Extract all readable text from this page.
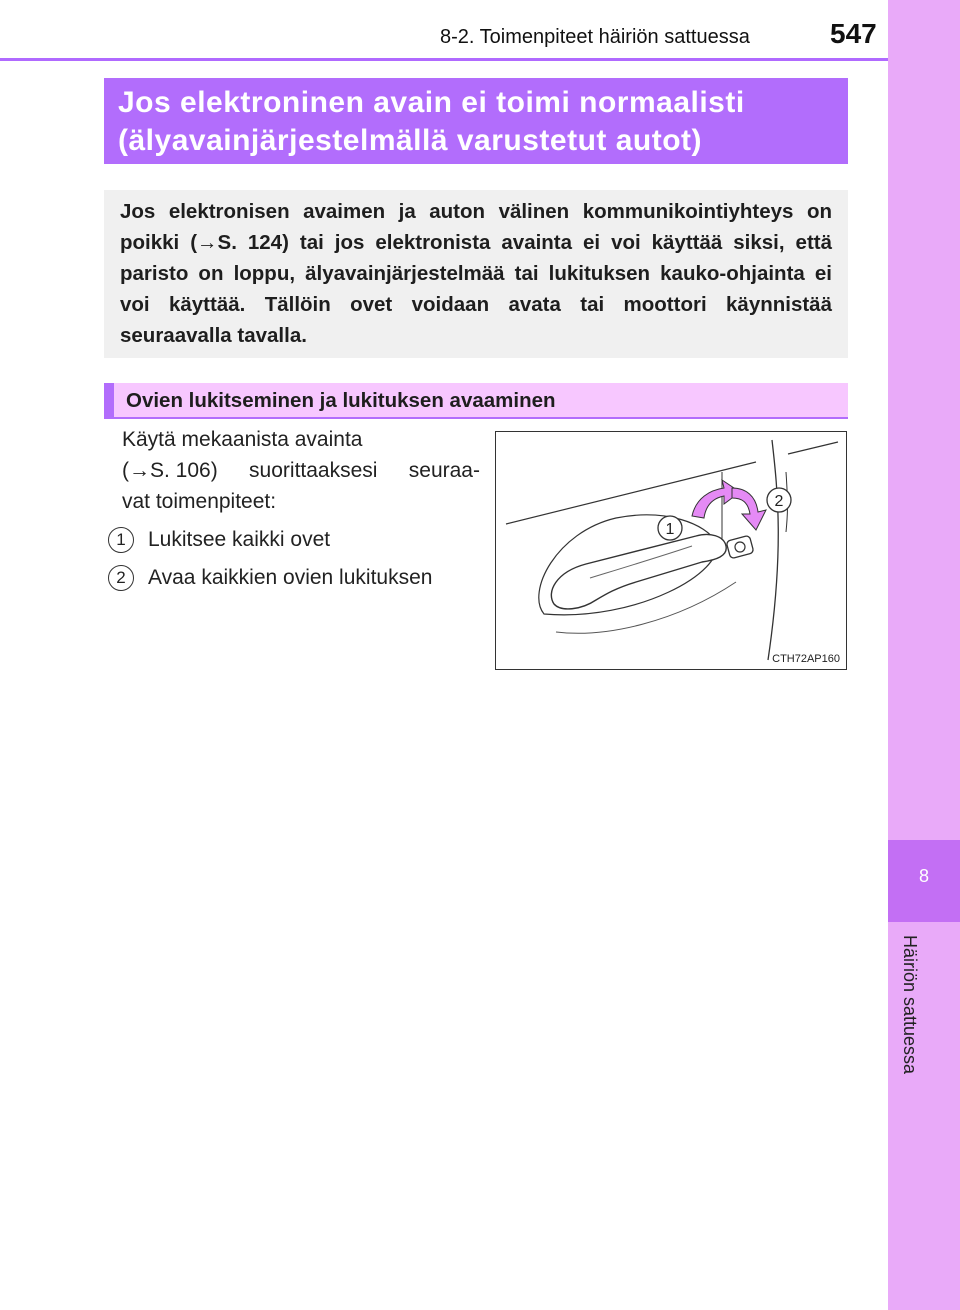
8-2. Toimenpiteet häiriön sattuessa	547
8
Häiriön sattuessa
Jos elektroninen avain ei toimi normaalisti
(älyavainjärjestelmällä varustetut autot)

Jos elektronisen avaimen ja auton välinen kommunikointiyhteys on poikki (→S. 124) tai jos elektronista avainta ei voi käyttää siksi, että paristo on loppu, älyavainjärjestelmää tai lukituksen kauko-ohjainta ei voi käyttää. Tällöin ovet voidaan avata tai moottori käynnistää seuraavalla tavalla.

Ovien lukitseminen ja lukituksen avaaminen
Käytä mekaanista avainta
(→S. 106) suorittaaksesi seuraa-
vat toimenpiteet:
1	Lukitsee kaikki ovet
2	Avaa kaikkien ovien lukituksen
1
2
CTH72AP160
